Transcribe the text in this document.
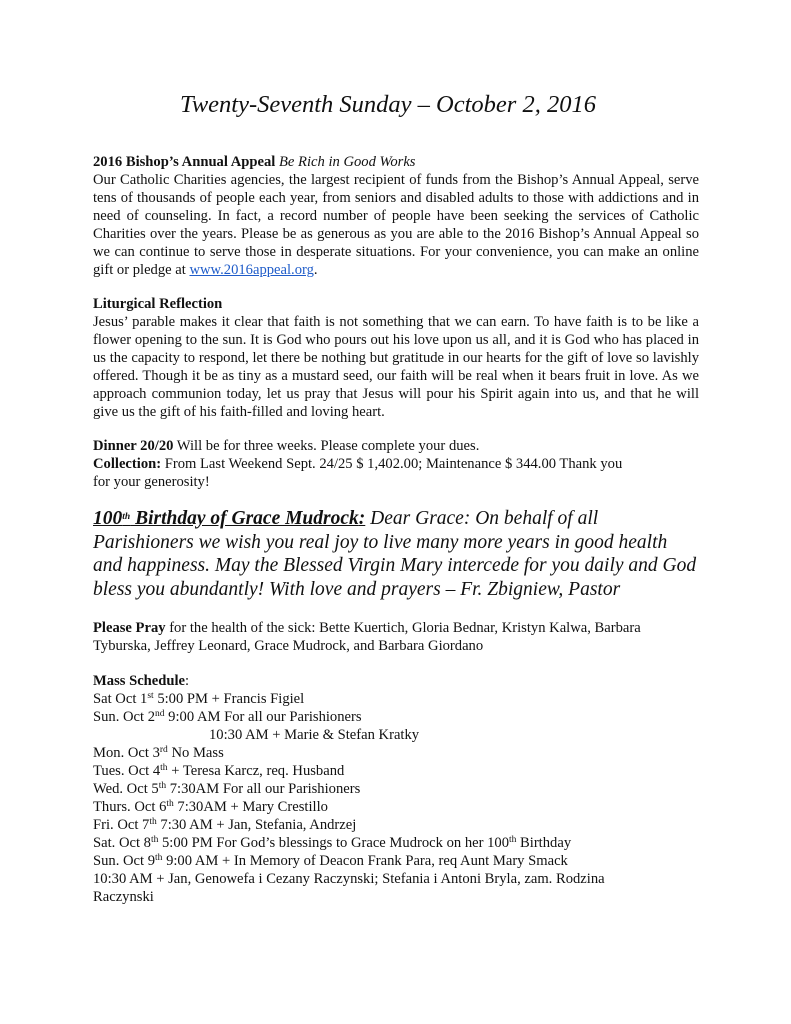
Twenty-Seventh Sunday – October 2, 2016

2016 Bishop’s Annual Appeal Be Rich in Good Works

Our Catholic Charities agencies, the largest recipient of funds from the Bishop’s Annual Appeal, serve tens of thousands of people each year, from seniors and disabled adults to those with addictions and in need of counseling. In fact, a record number of people have been seeking the services of Catholic Charities over the years. Please be as generous as you are able to the 2016 Bishop’s Annual Appeal so we can continue to serve those in desperate situations. For your convenience, you can make an online gift or pledge at www.2016appeal.org.

Liturgical Reflection

Jesus’ parable makes it clear that faith is not something that we can earn. To have faith is to be like a flower opening to the sun. It is God who pours out his love upon us all, and it is God who has placed in us the capacity to respond, let there be nothing but gratitude in our hearts for the gift of love so lavishly offered. Though it be as tiny as a mustard seed, our faith will be real when it bears fruit in love. As we approach communion today, let us pray that Jesus will pour his Spirit again into us, and that he will give us the gift of his faith-filled and loving heart.

Dinner 20/20 Will be for three weeks. Please complete your dues.
Collection: From Last Weekend Sept. 24/25 $ 1,402.00; Maintenance $ 344.00 Thank you
for your generosity!
100th Birthday of Grace Mudrock: Dear Grace: On behalf of all Parishioners we wish you real joy to live many more years in good health and happiness. May the Blessed Virgin Mary intercede for you daily and God bless you abundantly! With love and prayers – Fr. Zbigniew, Pastor
Please Pray for the health of the sick: Bette Kuertich, Gloria Bednar, Kristyn Kalwa, Barbara
Tyburska, Jeffrey Leonard, Grace Mudrock, and Barbara Giordano
Mass Schedule:
Sat Oct 1st 5:00 PM + Francis Figiel
Sun. Oct 2nd 9:00 AM For all our Parishioners
10:30 AM + Marie & Stefan Kratky
Mon. Oct 3rd No Mass
Tues. Oct 4th + Teresa Karcz, req. Husband
Wed. Oct 5th 7:30AM For all our Parishioners
Thurs. Oct 6th 7:30AM + Mary Crestillo
Fri. Oct 7th 7:30 AM + Jan, Stefania, Andrzej
Sat. Oct 8th 5:00 PM For God’s blessings to Grace Mudrock on her 100th Birthday
Sun. Oct 9th 9:00 AM + In Memory of Deacon Frank Para, req Aunt Mary Smack
10:30 AM + Jan, Genowefa i Cezany Raczynski; Stefania i Antoni Bryla, zam. Rodzina
Raczynski
